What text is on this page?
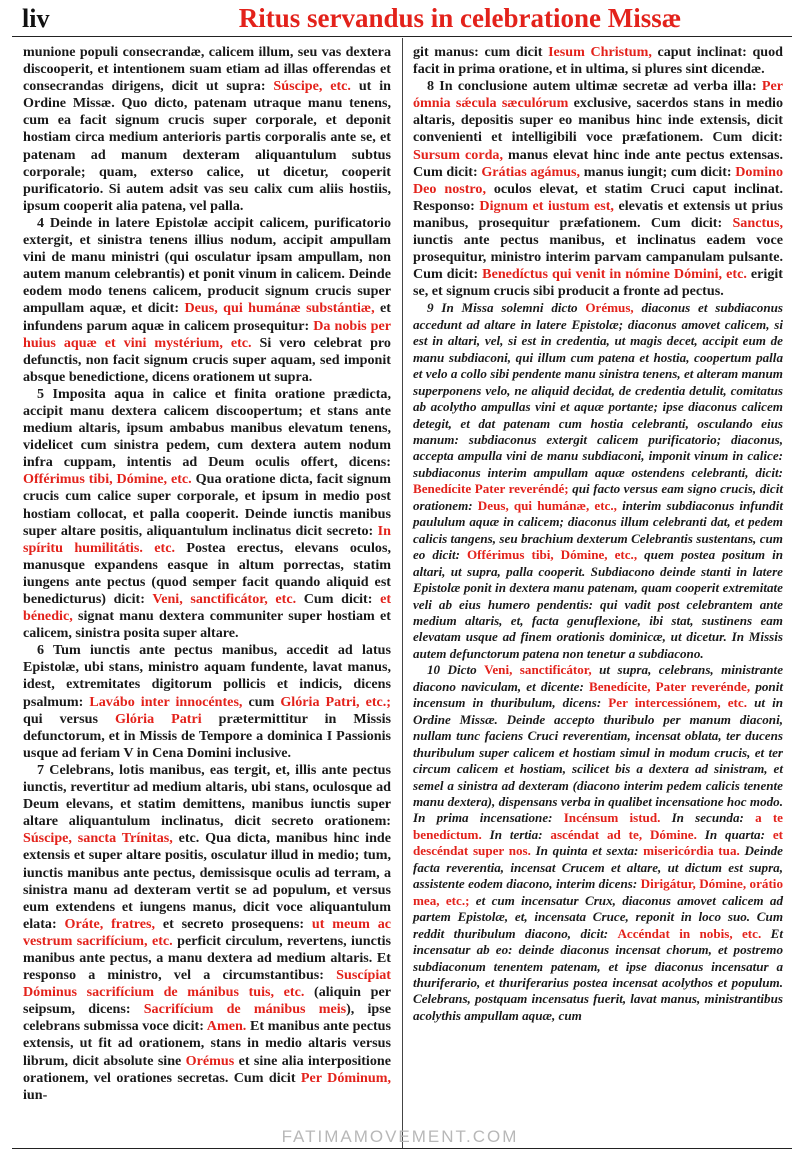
liv	Ritus servandus in celebratione Missæ

munione populi consecrandæ, calicem illum, seu vas dextera discooperit, et intentionem suam etiam ad illas offerendas et consecrandas dirigens, dicit ut supra: Súscipe, etc. ut in Ordine Missæ. Quo dicto, patenam utraque manu tenens, cum ea facit signum crucis super corporale, et deponit hostiam circa medium anterioris partis corporalis ante se, et patenam ad manum dexteram aliquantulum subtus corporale; quam, exterso calice, ut dicetur, cooperit purificatorio. Si autem adsit vas seu calix cum aliis hostiis, ipsum cooperit alia patena, vel palla.

4 Deinde in latere Epistolæ accipit calicem, purificatorio extergit, et sinistra tenens illius nodum, accipit ampullam vini de manu ministri (qui osculatur ipsam ampullam, non autem manum celebrantis) et ponit vinum in calicem. Deinde eodem modo tenens calicem, producit signum crucis super ampullam aquæ, et dicit: Deus, qui humánæ substántiæ, et infundens parum aquæ in calicem prosequitur: Da nobis per huius aquæ et vini mystérium, etc. Si vero celebrat pro defunctis, non facit signum crucis super aquam, sed imponit absque benedictione, dicens orationem ut supra.

5 Imposita aqua in calice et finita oratione prædicta, accipit manu dextera calicem discoopertum; et stans ante medium altaris, ipsum ambabus manibus elevatum tenens, videlicet cum sinistra pedem, cum dextera autem nodum infra cuppam, intentis ad Deum oculis offert, dicens: Offérimus tibi, Dómine, etc. Qua oratione dicta, facit signum crucis cum calice super corporale, et ipsum in medio post hostiam collocat, et palla cooperit. Deinde iunctis manibus super altare positis, aliquantulum inclinatus dicit secreto: In spíritu humilitátis. etc. Postea erectus, elevans oculos, manusque expandens easque in altum porrectas, statim iungens ante pectus (quod semper facit quando aliquid est benedicturus) dicit: Veni, sanctificátor, etc. Cum dicit: et bénedic, signat manu dextera communiter super hostiam et calicem, sinistra posita super altare.

6 Tum iunctis ante pectus manibus, accedit ad latus Epistolæ, ubi stans, ministro aquam fundente, lavat manus, idest, extremitates digitorum pollicis et indicis, dicens psalmum: Lavábo inter innocéntes, cum Glória Patri, etc.; qui versus Glória Patri prætermittitur in Missis defunctorum, et in Missis de Tempore a dominica I Passionis usque ad feriam V in Cena Domini inclusive.

7 Celebrans, lotis manibus, eas tergit, et, illis ante pectus iunctis, revertitur ad medium altaris, ubi stans, oculosque ad Deum elevans, et statim demittens, manibus iunctis super altare aliquantulum inclinatus, dicit secreto orationem: Súscipe, sancta Trínitas, etc. Qua dicta, manibus hinc inde extensis et super altare positis, osculatur illud in medio; tum, iunctis manibus ante pectus, demissisque oculis ad terram, a sinistra manu ad dexteram vertit se ad populum, et versus eum extendens et iungens manus, dicit voce aliquantulum elata: Oráte, fratres, et secreto prosequens: ut meum ac vestrum sacrifícium, etc. perficit circulum, revertens, iunctis manibus ante pectus, a manu dextera ad medium altaris. Et responso a ministro, vel a circumstantibus: Suscípiat Dóminus sacrifícium de mánibus tuis, etc. (aliquin per seipsum, dicens: Sacrifícium de mánibus meis), ipse celebrans submissa voce dicit: Amen. Et manibus ante pectus extensis, ut fit ad orationem, stans in medio altaris versus librum, dicit absolute sine Orémus et sine alia interpositione orationem, vel orationes secretas. Cum dicit Per Dóminum, iun-

git manus: cum dicit Iesum Christum, caput inclinat: quod facit in prima oratione, et in ultima, si plures sint dicendæ.

8 In conclusione autem ultimæ secretæ ad verba illa: Per ómnia sǽcula sæculórum exclusive, sacerdos stans in medio altaris, depositis super eo manibus hinc inde extensis, dicit convenienti et intelligibili voce præfationem. Cum dicit: Sursum corda, manus elevat hinc inde ante pectus extensas. Cum dicit: Grátias agámus, manus iungit; cum dicit: Domino Deo nostro, oculos elevat, et statim Cruci caput inclinat. Responso: Dignum et iustum est, elevatis et extensis ut prius manibus, prosequitur præfationem. Cum dicit: Sanctus, iunctis ante pectus manibus, et inclinatus eadem voce prosequitur, ministro interim parvam campanulam pulsante. Cum dicit: Benedíctus qui venit in nómine Dómini, etc. erigit se, et signum crucis sibi producit a fronte ad pectus.

9 In Missa solemni dicto Orémus, diaconus et subdiaconus accedunt ad altare in latere Epistolæ; diaconus amovet calicem, si est in altari, vel, si est in credentia, ut magis decet, accipit eum de manu subdiaconi, qui illum cum patena et hostia, coopertum palla et velo a collo sibi pendente manu sinistra tenens, et alteram manum superponens velo, ne aliquid decidat, de credentia detulit, comitatus ab acolytho ampullas vini et aquæ portante; ipse diaconus calicem detegit, et dat patenam cum hostia celebranti, osculando eius manum: subdiaconus extergit calicem purificatorio; diaconus, accepta ampulla vini de manu subdiaconi, imponit vinum in calice: subdiaconus interim ampullam aquæ ostendens celebranti, dicit: Benedícite Pater reveréndé; qui facto versus eam signo crucis, dicit orationem: Deus, qui humánæ, etc., interim subdiaconus infundit paululum aquæ in calicem; diaconus illum celebranti dat, et pedem calicis tangens, seu brachium dexterum Celebrantis sustentans, cum eo dicit: Offérimus tibi, Dómine, etc., quem postea positum in altari, ut supra, palla cooperit. Subdiacono deinde stanti in latere Epistolæ ponit in dextera manu patenam, quam cooperit extremitate veli ab eius humero pendentis: qui vadit post celebrantem ante medium altaris, et, facta genuflexione, ibi stat, sustinens eam elevatam usque ad finem orationis dominicæ, ut dicetur. In Missis autem defunctorum patena non tenetur a subdiacono.

10 Dicto Veni, sanctificátor, ut supra, celebrans, ministrante diacono naviculam, et dicente: Benedícite, Pater reveréndе, ponit incensum in thuribulum, dicens: Per intercessiónem, etc. ut in Ordine Missæ. Deinde accepto thuribulo per manum diaconi, nullam tunc faciens Cruci reverentiam, incensat oblata, ter ducens thuribulum super calicem et hostiam simul in modum crucis, et ter circum calicem et hostiam, scilicet bis a dextera ad sinistram, et semel a sinistra ad dexteram (diacono interim pedem calicis tenente manu dextera), dispensans verba in qualibet incensatione hoc modo. In prima incensatione: Incénsum istud. In secunda: a te benedíctum. In tertia: ascéndat ad te, Dómine. In quarta: et descéndat super nos. In quinta et sexta: misericórdia tua. Deinde facta reverentia, incensat Crucem et altare, ut dictum est supra, assistente eodem diacono, interim dicens: Dirigátur, Dómine, orátio mea, etc.; et cum incensatur Crux, diaconus amovet calicem ad partem Epistolæ, et, incensata Cruce, reponit in loco suo. Cum reddit thuribulum diacono, dicit: Accéndat in nobis, etc. Et incensatur ab eo: deinde diaconus incensat chorum, et postremo subdiaconum tenentem patenam, et ipse diaconus incensatur a thuriferario, et thuriferarius postea incensat acolythos et populum. Celebrans, postquam incensatus fuerit, lavat manus, ministrantibus acolythis ampullam aquæ, cum

FATIMAMOVEMENT.COM
